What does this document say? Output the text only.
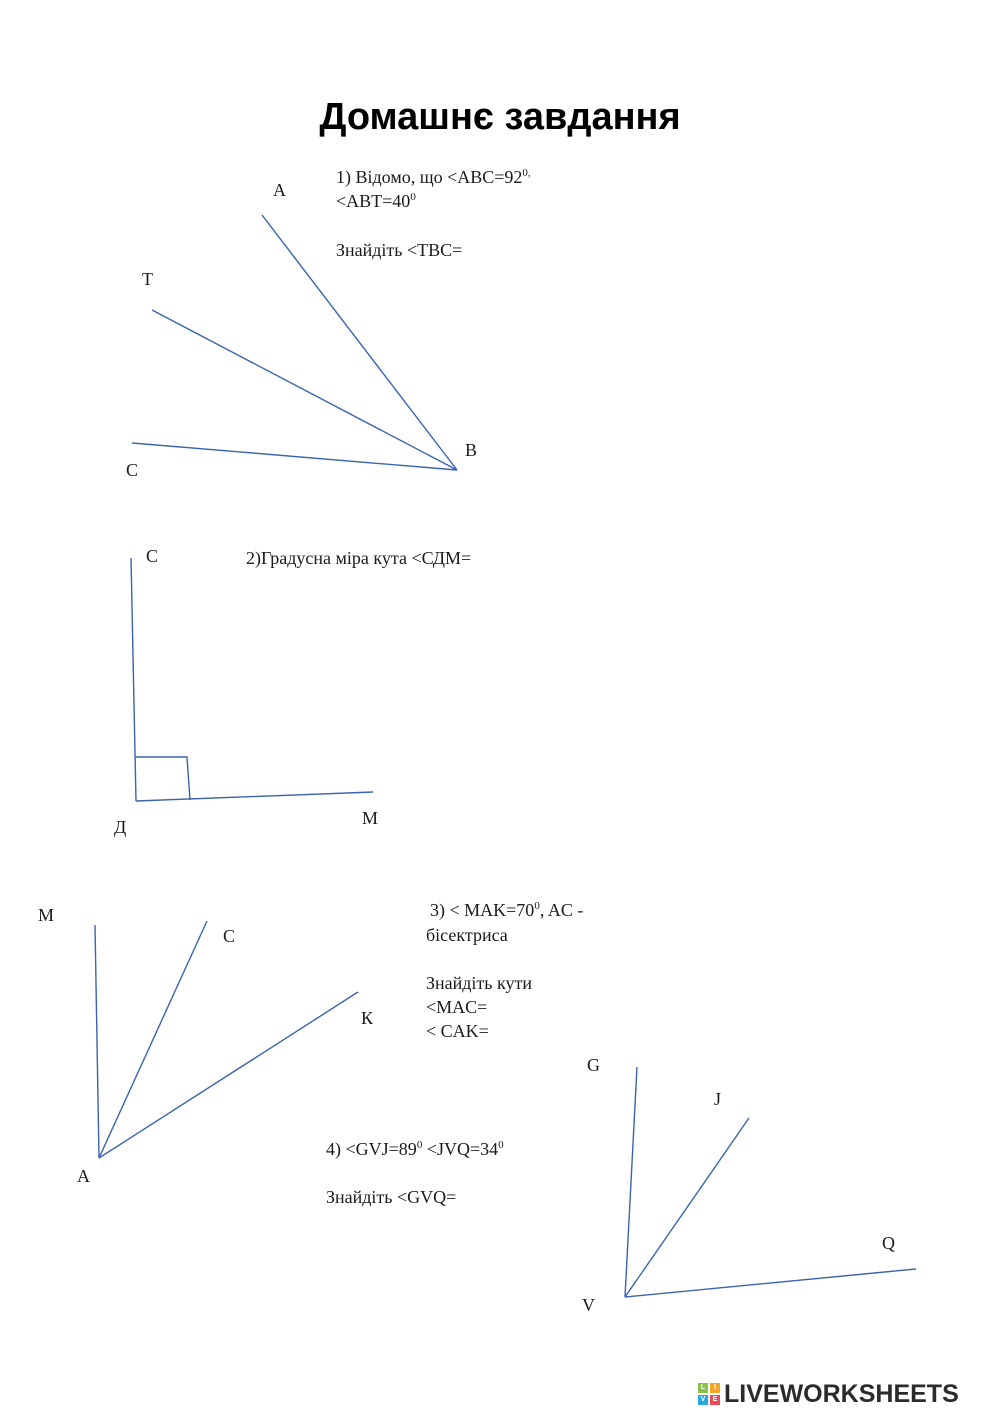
Домашнє завдання
1) Відомо, що $<ABC=92^{0,}$
$<ABT=40^0$
Знайдіть <TBC=
A
T
B
C
2)Градусна міра кута <СДМ=
С
Д	М
$3) < MAK=70^0$, AC -
бісектриса
Знайдіть кути
<MAC=
< CAK=
M
C
К
A
$4) <GVJ=89^0 <JVQ=34^0$
Знайдіть <GVQ=
G
J
Q
V
L	I
V	E LIVEWORKSHEETS
